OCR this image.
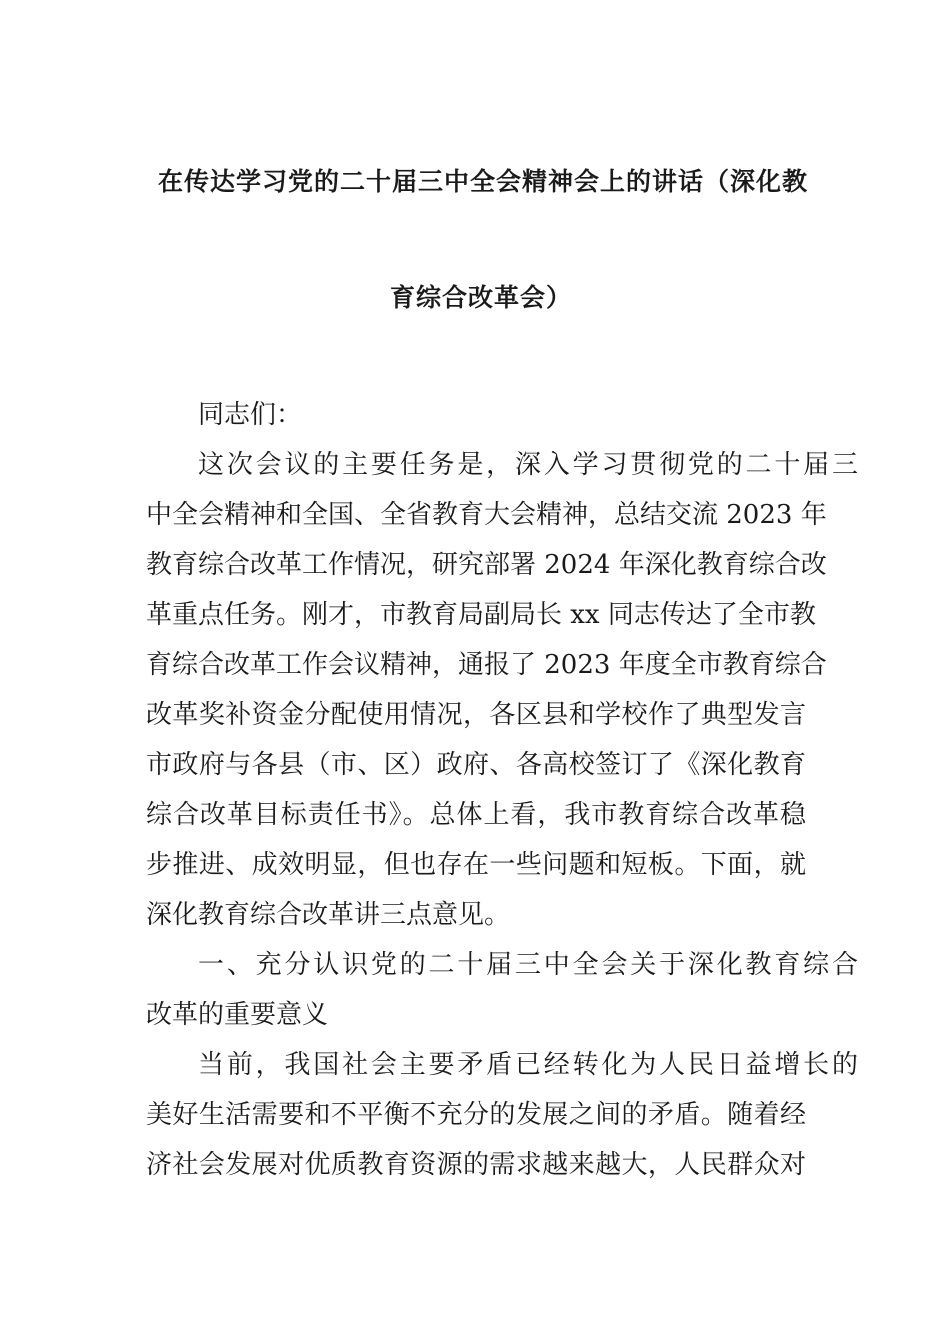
在传达学习党的二十届三中全会精神会上的讲话（深化教
育综合改革会）
同志们：
这次会议的主要任务是，深入学习贯彻党的二十届三
中全会精神和全国、全省教育大会精神，总结交流 2023 年
教育综合改革工作情况，研究部署 2024 年深化教育综合改
革重点任务。刚才，市教育局副局长 xx 同志传达了全市教
育综合改革工作会议精神，通报了 2023 年度全市教育综合
改革奖补资金分配使用情况，各区县和学校作了典型发言
市政府与各县（市、区）政府、各高校签订了《深化教育
综合改革目标责任书》。总体上看，我市教育综合改革稳
步推进、成效明显，但也存在一些问题和短板。下面，就
深化教育综合改革讲三点意见。
一、充分认识党的二十届三中全会关于深化教育综合
改革的重要意义
当前，我国社会主要矛盾已经转化为人民日益增长的
美好生活需要和不平衡不充分的发展之间的矛盾。随着经
济社会发展对优质教育资源的需求越来越大，人民群众对
